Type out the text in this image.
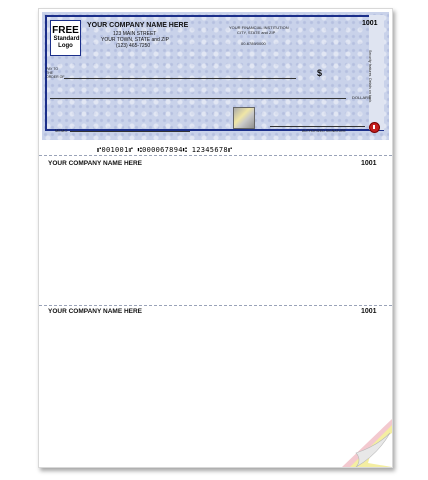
FREE
Standard Logo
YOUR COMPANY NAME HERE
123 MAIN STREET
YOUR TOWN, STATE and ZIP
(123) 465-7250
YOUR FINANCIAL INSTITUTION
CITY, STATE and ZIP
00-6789/0000
1001
PAY TO THE ORDER OF	$
DOLLARS
Security features. Details on back.
MEMO	AUTHORIZED SIGNATURE
⑈001001⑈ ⑆000067894⑆ 12345678⑈
YOUR COMPANY NAME HERE	1001
YOUR COMPANY NAME HERE	1001
